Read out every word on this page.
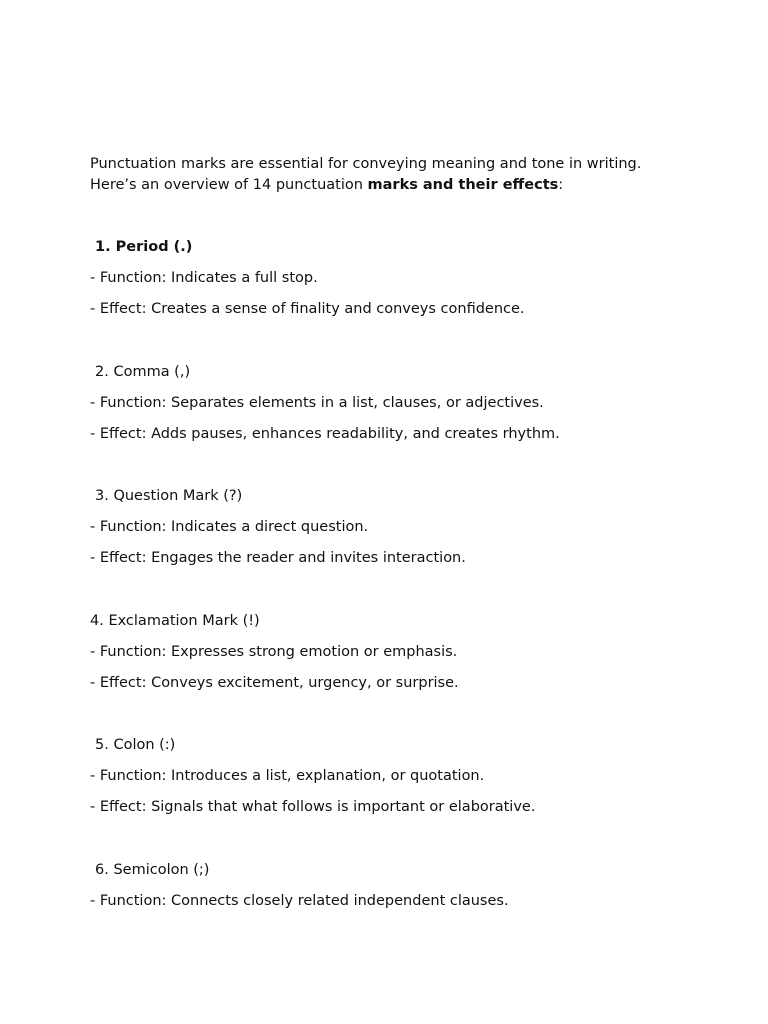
Punctuation marks are essential for conveying meaning and tone in writing.
Here’s an overview of 14 punctuation marks and their effects:
1. Period (.)
- Function: Indicates a full stop.
- Effect: Creates a sense of finality and conveys confidence.
2. Comma (,)
- Function: Separates elements in a list, clauses, or adjectives.
- Effect: Adds pauses, enhances readability, and creates rhythm.
3. Question Mark (?)
- Function: Indicates a direct question.
- Effect: Engages the reader and invites interaction.
4. Exclamation Mark (!)
- Function: Expresses strong emotion or emphasis.
- Effect: Conveys excitement, urgency, or surprise.
5. Colon (:)
- Function: Introduces a list, explanation, or quotation.
- Effect: Signals that what follows is important or elaborative.
6. Semicolon (;)
- Function: Connects closely related independent clauses.
